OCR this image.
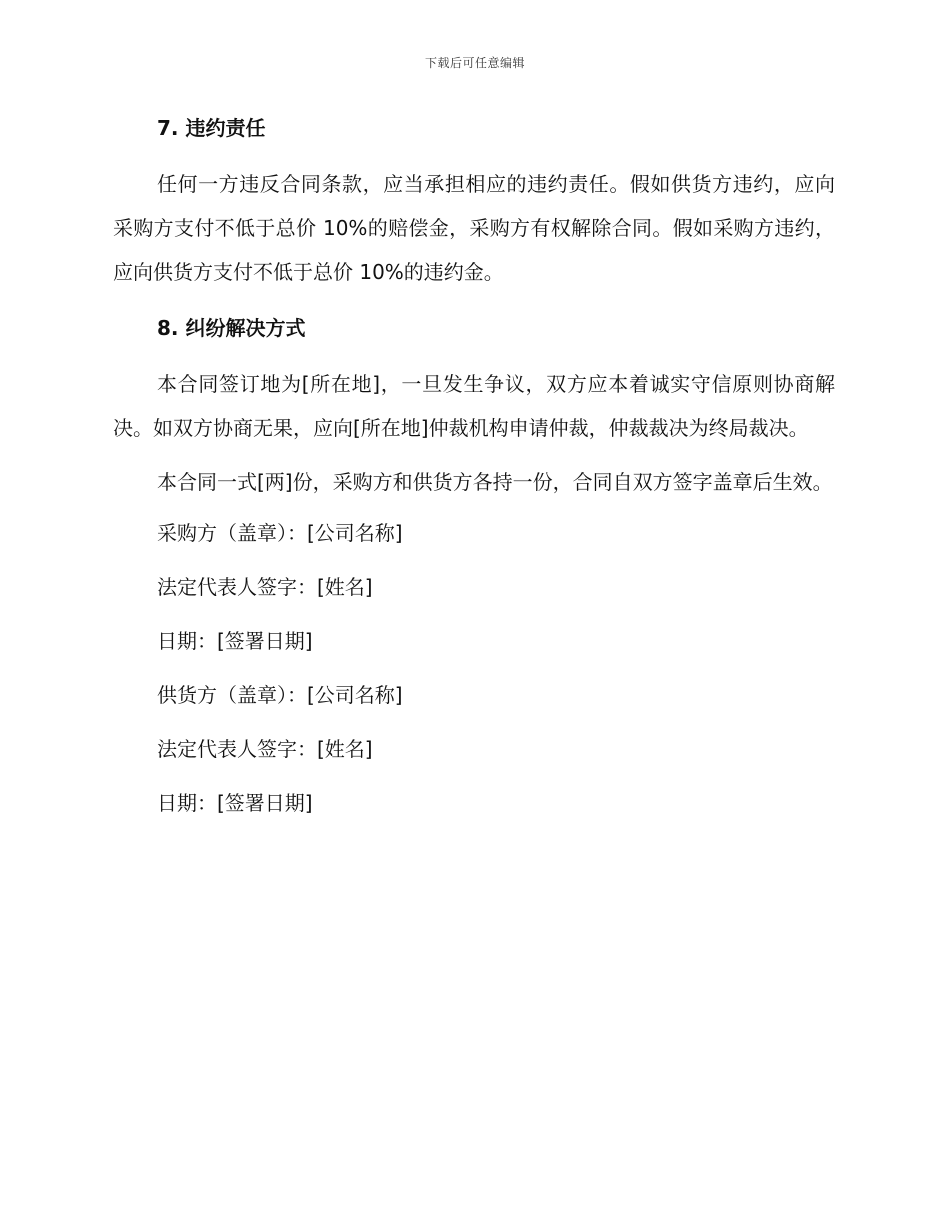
下载后可任意编辑
7. 违约责任

任何一方违反合同条款，应当承担相应的违约责任。假如供货方违约，应向采购方支付不低于总价 10%的赔偿金，采购方有权解除合同。假如采购方违约，应向供货方支付不低于总价 10%的违约金。

8. 纠纷解决方式

本合同签订地为[所在地]，一旦发生争议，双方应本着诚实守信原则协商解决。如双方协商无果，应向[所在地]仲裁机构申请仲裁，仲裁裁决为终局裁决。

本合同一式[两]份，采购方和供货方各持一份，合同自双方签字盖章后生效。

采购方（盖章）：[公司名称]
法定代表人签字：[姓名]
日期：[签署日期]
供货方（盖章）：[公司名称]
法定代表人签字：[姓名]
日期：[签署日期]
